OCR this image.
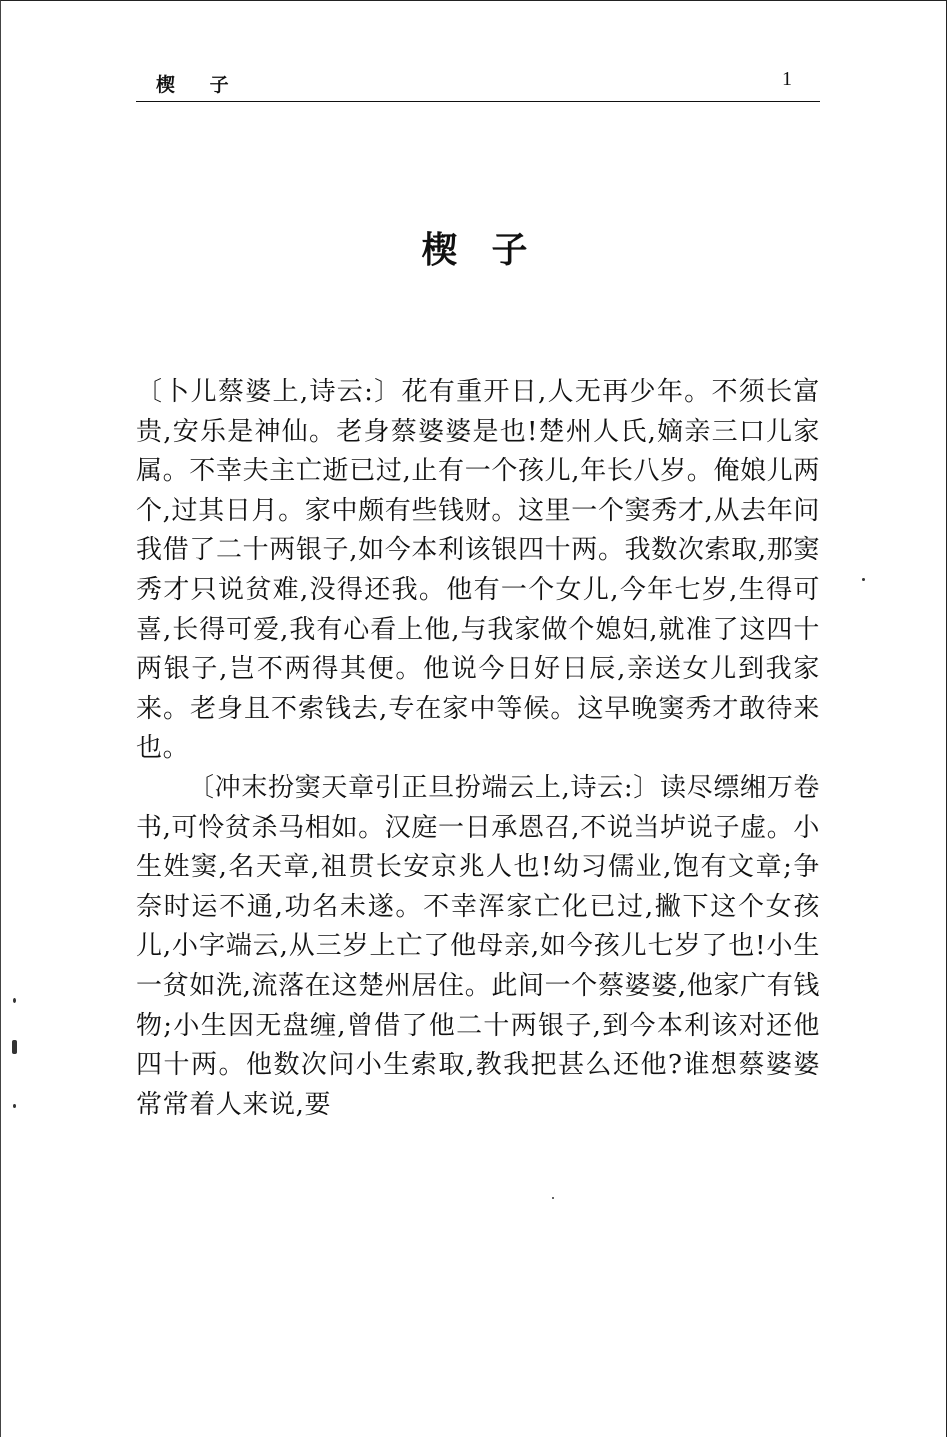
楔 子	1
楔子

〔卜儿蔡婆上,诗云:〕花有重开日,人无再少年。不须长富贵,安乐是神仙。老身蔡婆婆是也!楚州人氏,嫡亲三口儿家属。不幸夫主亡逝已过,止有一个孩儿,年长八岁。俺娘儿两个,过其日月。家中颇有些钱财。这里一个窦秀才,从去年问我借了二十两银子,如今本利该银四十两。我数次索取,那窦秀才只说贫难,没得还我。他有一个女儿,今年七岁,生得可喜,长得可爱,我有心看上他,与我家做个媳妇,就准了这四十两银子,岂不两得其便。他说今日好日辰,亲送女儿到我家来。老身且不索钱去,专在家中等候。这早晚窦秀才敢待来也。

〔冲末扮窦天章引正旦扮端云上,诗云:〕读尽缥缃万卷书,可怜贫杀马相如。汉庭一日承恩召,不说当垆说子虚。小生姓窦,名天章,祖贯长安京兆人也!幼习儒业,饱有文章;争奈时运不通,功名未遂。不幸浑家亡化已过,撇下这个女孩儿,小字端云,从三岁上亡了他母亲,如今孩儿七岁了也!小生一贫如洗,流落在这楚州居住。此间一个蔡婆婆,他家广有钱物;小生因无盘缠,曾借了他二十两银子,到今本利该对还他四十两。他数次问小生索取,教我把甚么还他?谁想蔡婆婆常常着人来说,要
